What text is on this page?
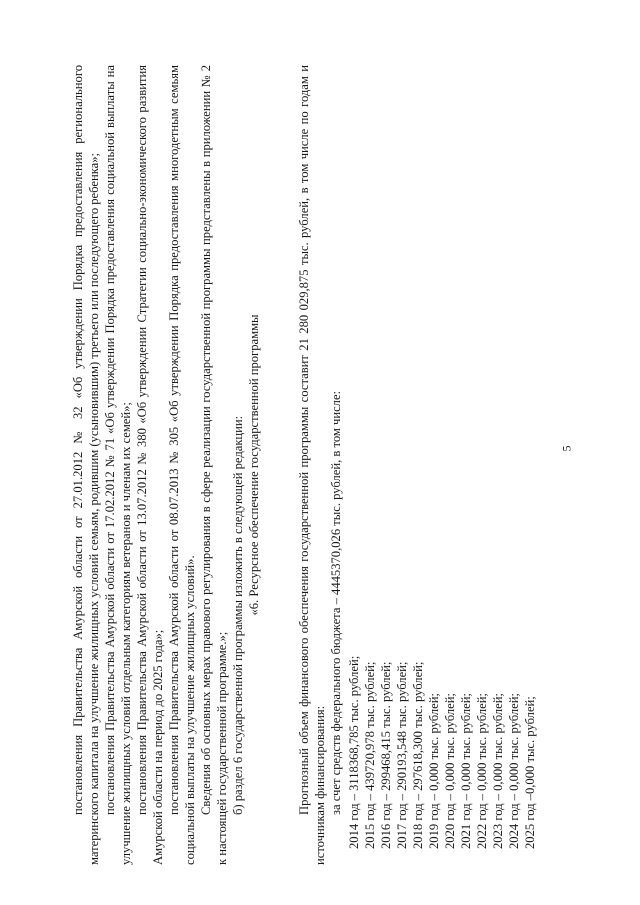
5

постановления Правительства Амурской области от 27.01.2012 № 32 «Об утверждении Порядка предоставления регионального материнского капитала на улучшение жилищных условий семьям, родившим (усыновившим) третьего или последующего ребенка»; постановления Правительства Амурской области от 17.02.2012 № 71 «Об утверждении Порядка предоставления социальной выплаты на улучшение жилищных условий отдельным категориям ветеранов и членам их семей»; постановления Правительства Амурской области от 13.07.2012 № 380 «Об утверждении Стратегии социально-экономического развития Амурской области на период до 2025 года»; постановления Правительства Амурской области от 08.07.2013 № 305 «Об утверждении Порядка предоставления многодетным семьям социальной выплаты на улучшение жилищных условий». Сведения об основных мерах правового регулирования в сфере реализации государственной программы представлены в приложении № 2 к настоящей государственной программе.»; б) раздел 6 государственной программы изложить в следующей редакции: «6. Ресурсное обеспечение государственной программы	Прогнозный объем финансового обеспечения государственной программы составит 21 280 029,875 тыс. рублей, в том числе по годам и источникам финансирования: за счет средств федерального бюджета – 4445370,026 тыс. рублей, в том числе: 2014 год – 3118368,785 тыс. рублей; 2015 год – 439720,978 тыс. рублей; 2016 год – 299468,415 тыс. рублей; 2017 год – 290193,548 тыс. рублей; 2018 год – 297618,300 тыс. рублей; 2019 год – 0,000 тыс. рублей; 2020 год – 0,000 тыс. рублей; 2021 год – 0,000 тыс. рублей; 2022 год – 0,000 тыс. рублей; 2023 год – 0,000 тыс. рублей; 2024 год – 0,000 тыс. рублей; 2025 год –0,000 тыс. рублей;
